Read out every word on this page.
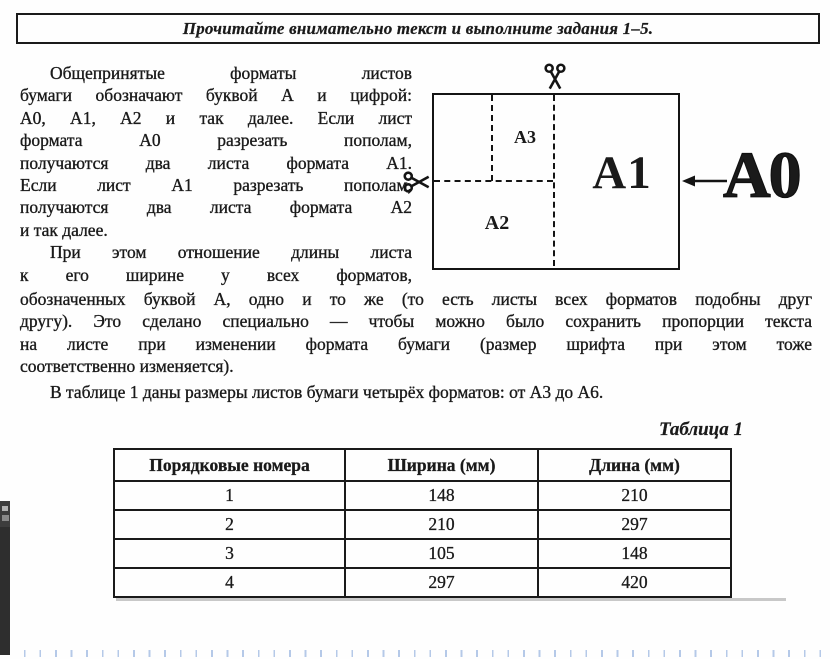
Прочитайте внимательно текст и выполните задания 1–5.
Общепринятые форматы листов
бумаги обозначают буквой А и цифрой:
А0, А1, А2 и так далее. Если лист
формата А0 разрезать пополам,
получаются два листа формата А1.
Если лист А1 разрезать пополам,
получаются два листа формата А2
и так далее.
При этом отношение длины листа
к его ширине у всех форматов,
обозначенных буквой А, одно и то же (то есть листы всех форматов подобны друг
другу). Это сделано специально — чтобы можно было сохранить пропорции текста
на листе при изменении формата бумаги (размер шрифта при этом тоже
соответственно изменяется).
В таблице 1 даны размеры листов бумаги четырёх форматов: от А3 до А6.
A3
A2
A1	A0
Таблица 1
Порядковые номера	Ширина (мм)	Длина (мм)
1	148	210
2	210	297
3	105	148
4	297	420
